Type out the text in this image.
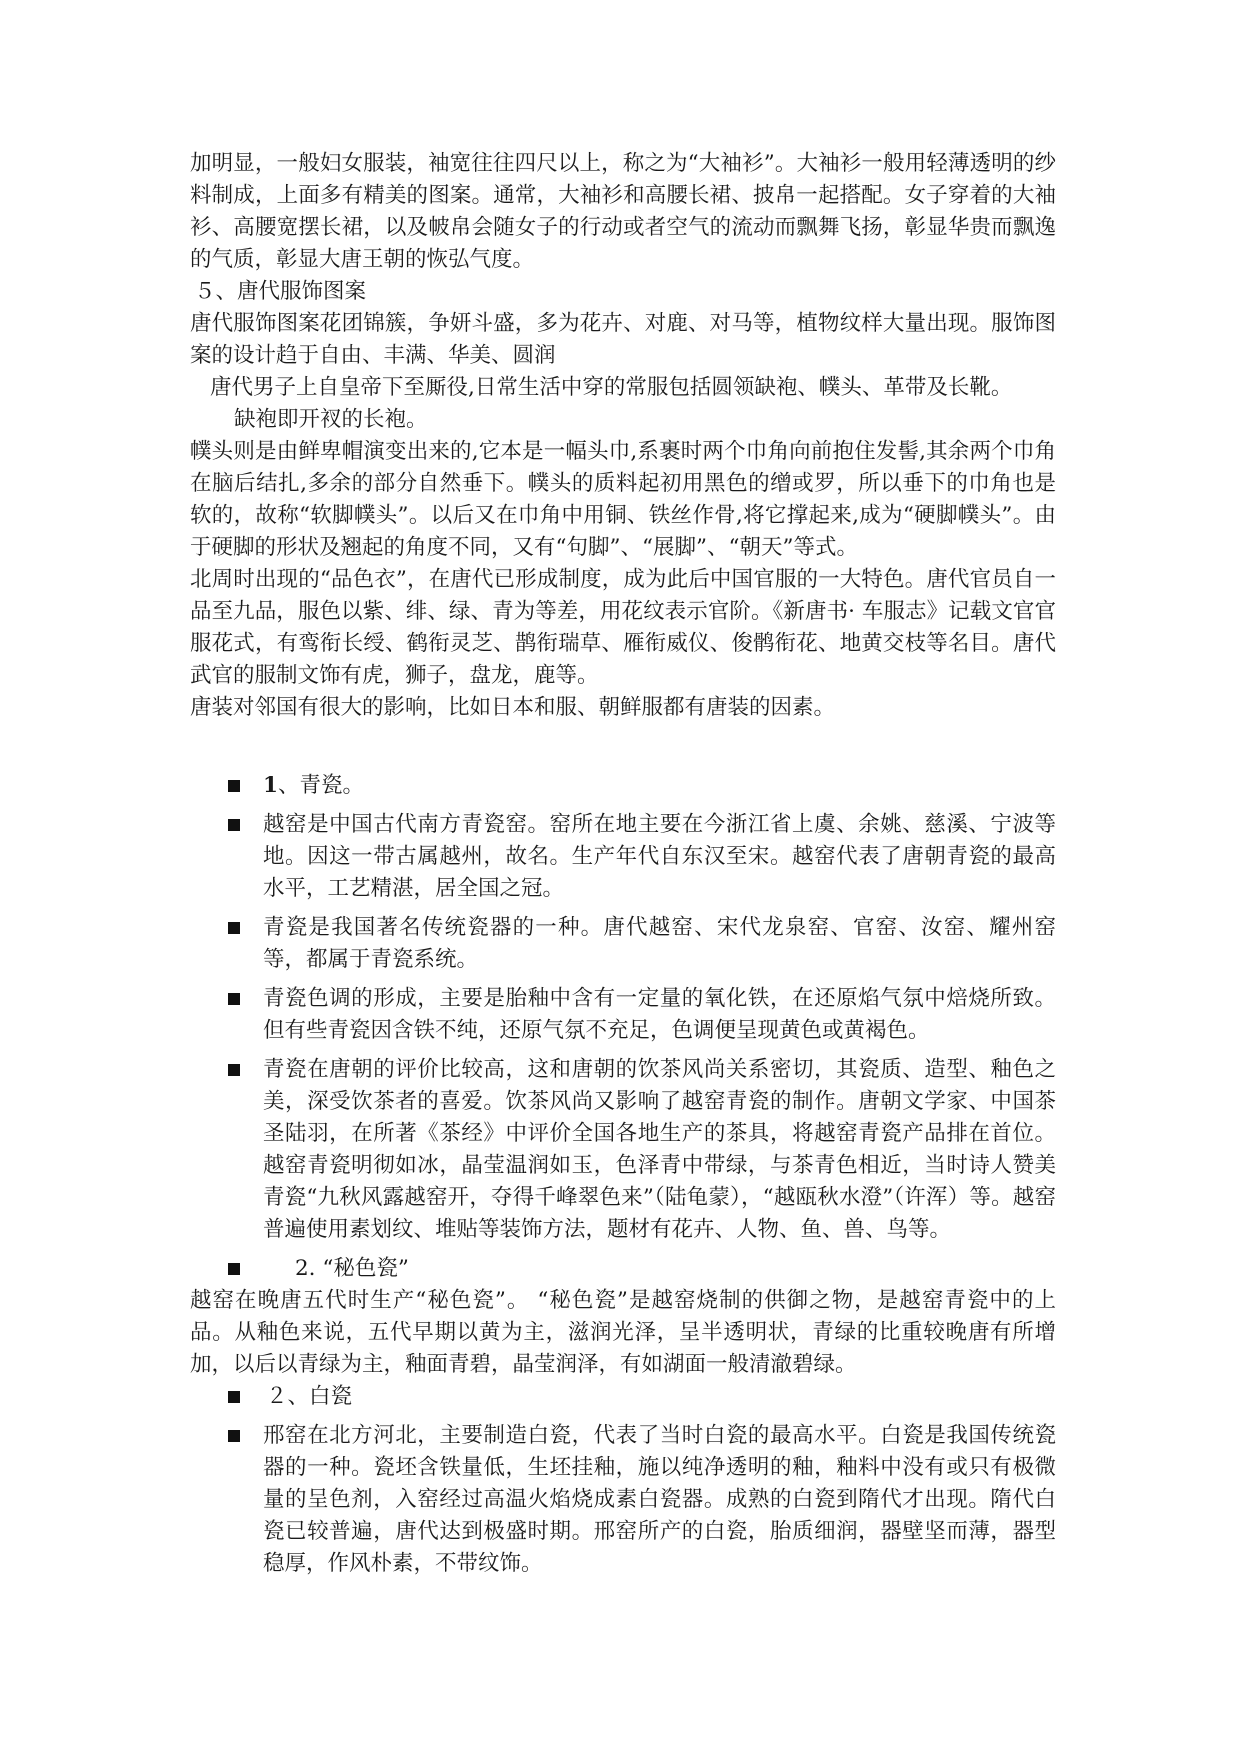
加明显，一般妇女服装，袖宽往往四尺以上，称之为“大袖衫”。大袖衫一般用轻薄透明的纱料制成，上面多有精美的图案。通常，大袖衫和高腰长裙、披帛一起搭配。女子穿着的大袖衫、高腰宽摆长裙，以及帔帛会随女子的行动或者空气的流动而飘舞飞扬，彰显华贵而飘逸的气质，彰显大唐王朝的恢弘气度。

５、唐代服饰图案

唐代服饰图案花团锦簇，争妍斗盛，多为花卉、对鹿、对马等，植物纹样大量出现。服饰图案的设计趋于自由、丰满、华美、圆润

唐代男子上自皇帝下至厮役,日常生活中穿的常服包括圆领缺袍、幞头、革带及长靴。

缺袍即开衩的长袍。

幞头则是由鲜卑帽演变出来的,它本是一幅头巾,系裹时两个巾角向前抱住发髻,其余两个巾角在脑后结扎,多余的部分自然垂下。幞头的质料起初用黑色的缯或罗，所以垂下的巾角也是软的，故称“软脚幞头”。以后又在巾角中用铜、铁丝作骨,将它撑起来,成为“硬脚幞头”。由于硬脚的形状及翘起的角度不同，又有“句脚”、“展脚”、“朝天”等式。

北周时出现的“品色衣”，在唐代已形成制度，成为此后中国官服的一大特色。唐代官员自一品至九品，服色以紫、绯、绿、青为等差，用花纹表示官阶。《新唐书· 车服志》记载文官官服花式，有鸾衔长绶、鹤衔灵芝、鹊衔瑞草、雁衔威仪、俊鹘衔花、地黄交枝等名目。唐代武官的服制文饰有虎，狮子，盘龙，鹿等。

唐装对邻国有很大的影响，比如日本和服、朝鲜服都有唐装的因素。

1、青瓷。
越窑是中国古代南方青瓷窑。窑所在地主要在今浙江省上虞、余姚、慈溪、宁波等地。因这一带古属越州，故名。生产年代自东汉至宋。越窑代表了唐朝青瓷的最高水平，工艺精湛，居全国之冠。
青瓷是我国著名传统瓷器的一种。唐代越窑、宋代龙泉窑、官窑、汝窑、耀州窑等，都属于青瓷系统。
青瓷色调的形成，主要是胎釉中含有一定量的氧化铁，在还原焰气氛中焙烧所致。但有些青瓷因含铁不纯，还原气氛不充足，色调便呈现黄色或黄褐色。
青瓷在唐朝的评价比较高，这和唐朝的饮茶风尚关系密切，其瓷质、造型、釉色之美，深受饮茶者的喜爱。饮茶风尚又影响了越窑青瓷的制作。唐朝文学家、中国茶圣陆羽，在所著《茶经》中评价全国各地生产的茶具，将越窑青瓷产品排在首位。越窑青瓷明彻如冰，晶莹温润如玉，色泽青中带绿，与茶青色相近，当时诗人赞美青瓷“九秋风露越窑开，夺得千峰翠色来”（陆龟蒙），“越瓯秋水澄”（许浑）等。越窑普遍使用素划纹、堆贴等装饰方法，题材有花卉、人物、鱼、兽、鸟等。
2. “秘色瓷”

越窑在晚唐五代时生产“秘色瓷”。 “秘色瓷”是越窑烧制的供御之物，是越窑青瓷中的上品。从釉色来说，五代早期以黄为主，滋润光泽，呈半透明状，青绿的比重较晚唐有所增加，以后以青绿为主，釉面青碧，晶莹润泽，有如湖面一般清澈碧绿。

２、白瓷
邢窑在北方河北，主要制造白瓷，代表了当时白瓷的最高水平。白瓷是我国传统瓷器的一种。瓷坯含铁量低，生坯挂釉，施以纯净透明的釉，釉料中没有或只有极微量的呈色剂，入窑经过高温火焰烧成素白瓷器。成熟的白瓷到隋代才出现。隋代白瓷已较普遍，唐代达到极盛时期。邢窑所产的白瓷，胎质细润，器壁坚而薄，器型稳厚，作风朴素，不带纹饰。
